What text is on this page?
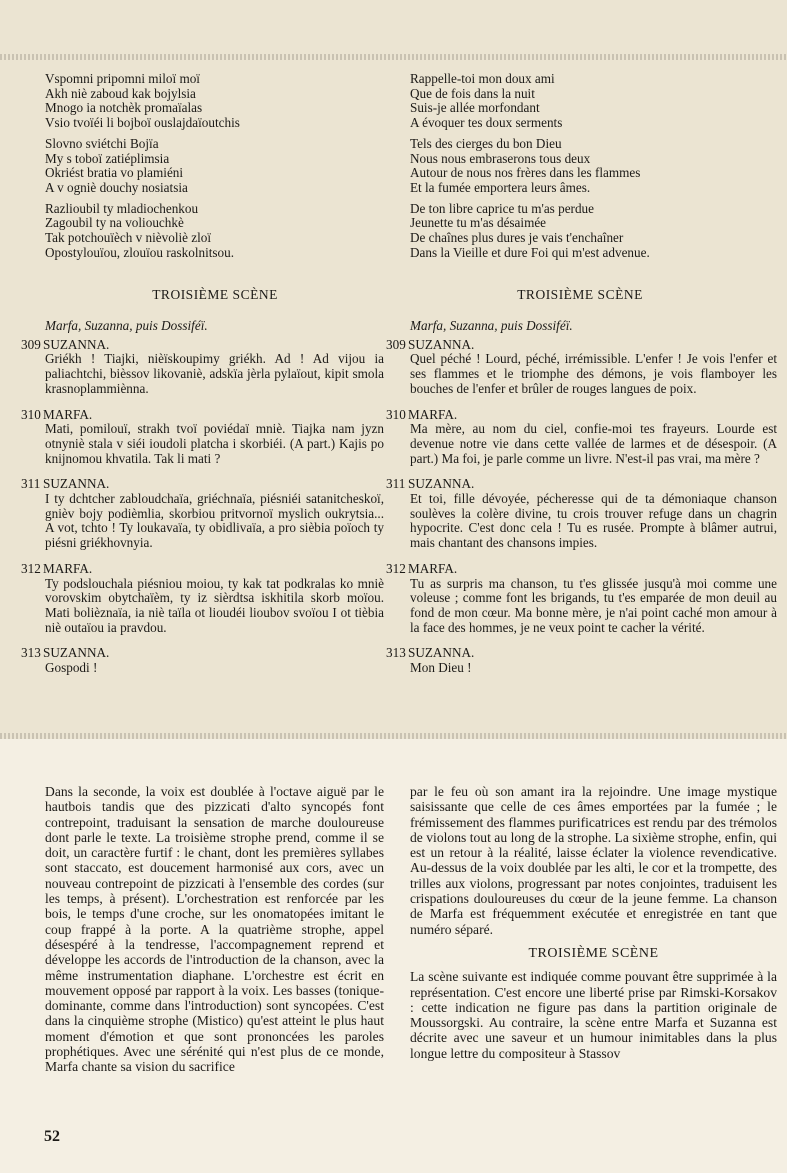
Vspomni pripomni miloï moï
Akh niè zaboud kak bojylsia
Mnogo ia notchèk promaïalas
Vsio tvoïéi li bojboï ouslajdaïoutchis
Slovno sviétchi Bojïa
My s toboï zatiéplimsia
Okriést bratia vo plamiéni
A v ogniè douchy nosiatsia
Razlioubil ty mladiochenkou
Zagoubil ty na voliouchkè
Tak potchouïèch v nièvoliè zloï
Opostylouïou, zlouïou raskolnitsou.
Rappelle-toi mon doux ami
Que de fois dans la nuit
Suis-je allée morfondant
A évoquer tes doux serments
Tels des cierges du bon Dieu
Nous nous embraserons tous deux
Autour de nous nos frères dans les flammes
Et la fumée emportera leurs âmes.
De ton libre caprice tu m'as perdue
Jeunette tu m'as désaimée
De chaînes plus dures je vais t'enchaîner
Dans la Vieille et dure Foi qui m'est advenue.

TROISIÈME SCÈNE	TROISIÈME SCÈNE

Marfa, Suzanna, puis Dossiféï.

309 SUZANNA.
Griékh ! Tiajki, nièïskoupimy griékh. Ad ! Ad vijou ia paliachtchi, bièssov likovaniè, adskïa jèrla pylaïout, kipit smola krasnoplammiènna.
310 MARFA.
Mati, pomilouï, strakh tvoï poviédaï mniè. Tiajka nam jyzn otnyniè stala v siéi ioudoli platcha i skorbiéi. (A part.) Kajis po knijnomou khvatila. Tak li mati ?
311 SUZANNA.
I ty dchtcher zabloudchaïa, griéchnaïa, piésniéi satanitcheskoï, gnièv bojy podièmlia, skorbiou pritvornoï myslich oukrytsia... A vot, tchto ! Ty loukavaïa, ty obidlivaïa, a pro sièbia poïoch ty piésni griékhovnyia.
312 MARFA.
Ty podslouchala piésniou moiou, ty kak tat podkralas ko mniè vorovskim obytchaïèm, ty iz sièrdtsa iskhitila skorb moïou. Mati bolièznaïa, ia niè taïla ot lioudéi lioubov svoïou I ot tièbia niè outaïou ia pravdou.
313 SUZANNA.
Gospodi !

Marfa, Suzanna, puis Dossiféï.

309 SUZANNA.
Quel péché ! Lourd, péché, irrémissible. L'enfer ! Je vois l'enfer et ses flammes et le triomphe des démons, je vois flamboyer les bouches de l'enfer et brûler de rouges langues de poix.
310 MARFA.
Ma mère, au nom du ciel, confie-moi tes frayeurs. Lourde est devenue notre vie dans cette vallée de larmes et de désespoir. (A part.) Ma foi, je parle comme un livre. N'est-il pas vrai, ma mère ?
311 SUZANNA.
Et toi, fille dévoyée, pécheresse qui de ta démoniaque chanson soulèves la colère divine, tu crois trouver refuge dans un chagrin hypocrite. C'est donc cela ! Tu es rusée. Prompte à blâmer autrui, mais chantant des chansons impies.
312 MARFA.
Tu as surpris ma chanson, tu t'es glissée jusqu'à moi comme une voleuse ; comme font les brigands, tu t'es emparée de mon deuil au fond de mon cœur. Ma bonne mère, je n'ai point caché mon amour à la face des hommes, je ne veux point te cacher la vérité.
313 SUZANNA.
Mon Dieu !

Dans la seconde, la voix est doublée à l'octave aiguë par le hautbois tandis que des pizzicati d'alto syncopés font contrepoint, traduisant la sensation de marche douloureuse dont parle le texte. La troisième strophe prend, comme il se doit, un caractère furtif : le chant, dont les premières syllabes sont staccato, est doucement harmonisé aux cors, avec un nouveau contrepoint de pizzicati à l'ensemble des cordes (sur les temps, à présent). L'orchestration est renforcée par les bois, le temps d'une croche, sur les onomatopées imitant le coup frappé à la porte. A la quatrième strophe, appel désespéré à la tendresse, l'accompagnement reprend et développe les accords de l'introduction de la chanson, avec la même instrumentation diaphane. L'orchestre est écrit en mouvement opposé par rapport à la voix. Les basses (tonique-dominante, comme dans l'introduction) sont syncopées. C'est dans la cinquième strophe (Mistico) qu'est atteint le plus haut moment d'émotion et que sont prononcées les paroles prophétiques. Avec une sérénité qui n'est plus de ce monde, Marfa chante sa vision du sacrifice

par le feu où son amant ira la rejoindre. Une image mystique saisissante que celle de ces âmes emportées par la fumée ; le frémissement des flammes purificatrices est rendu par des trémolos de violons tout au long de la strophe. La sixième strophe, enfin, qui est un retour à la réalité, laisse éclater la violence revendicative. Au-dessus de la voix doublée par les alti, le cor et la trompette, des trilles aux violons, progressant par notes conjointes, traduisent les crispations douloureuses du cœur de la jeune femme. La chanson de Marfa est fréquemment exécutée et enregistrée en tant que numéro séparé.

TROISIÈME SCÈNE

La scène suivante est indiquée comme pouvant être supprimée à la représentation. C'est encore une liberté prise par Rimski-Korsakov : cette indication ne figure pas dans la partition originale de Moussorgski. Au contraire, la scène entre Marfa et Suzanna est décrite avec une saveur et un humour inimitables dans la plus longue lettre du compositeur à Stassov

52
